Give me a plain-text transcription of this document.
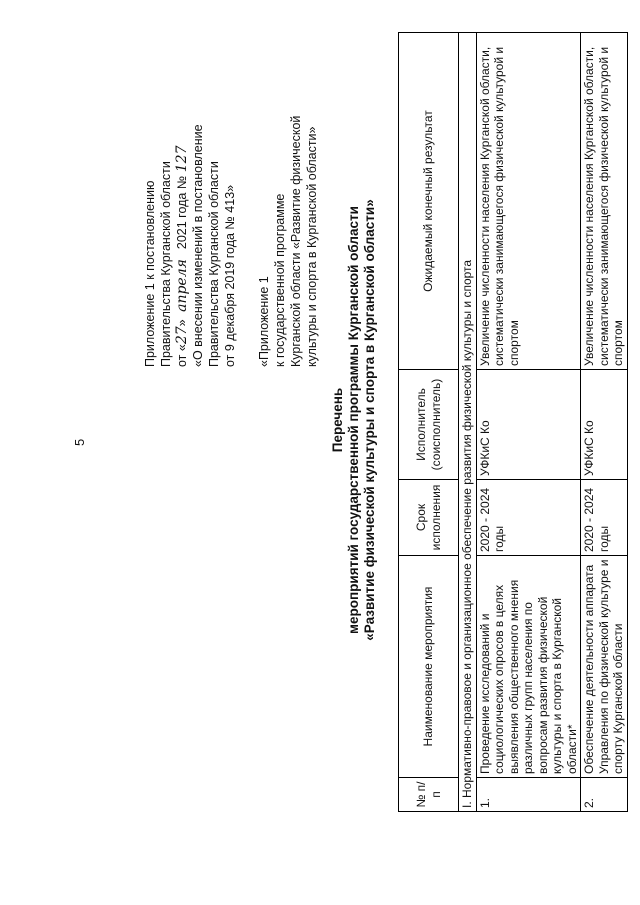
5
Приложение 1 к постановлению Правительства Курганской области от «27» апреля2021 года № 127 «О внесении изменений в постановление Правительства Курганской области от 9 декабря 2019 года № 413» «Приложение 1 к государственной программе Курганской области «Развитие физической культуры и спорта в Курганской области»
Перечень мероприятий государственной программы Курганской области «Развитие физической культуры и спорта в Курганской области»
№ п/п	Наименование мероприятия	Срок исполнения	Исполнитель (соисполнитель)	Ожидаемый конечный результат
I. Нормативно-правовое и организационное обеспечение развития физической культуры и спорта				
1.	Проведение исследований и социологических опросов в целях выявления общественного мнения различных групп населения по вопросам развития физической культуры и спорта в Курганской области*	2020 - 2024 годы	УФКиС Ко	Увеличение численности населения Курганской области, систематически занимающегося физической культурой и спортом
2.	Обеспечение деятельности аппарата Управления по физической культуре и спорту Курганской области	2020 - 2024 годы	УФКиС Ко	Увеличение численности населения Курганской области, систематически занимающегося физической культурой и спортом
